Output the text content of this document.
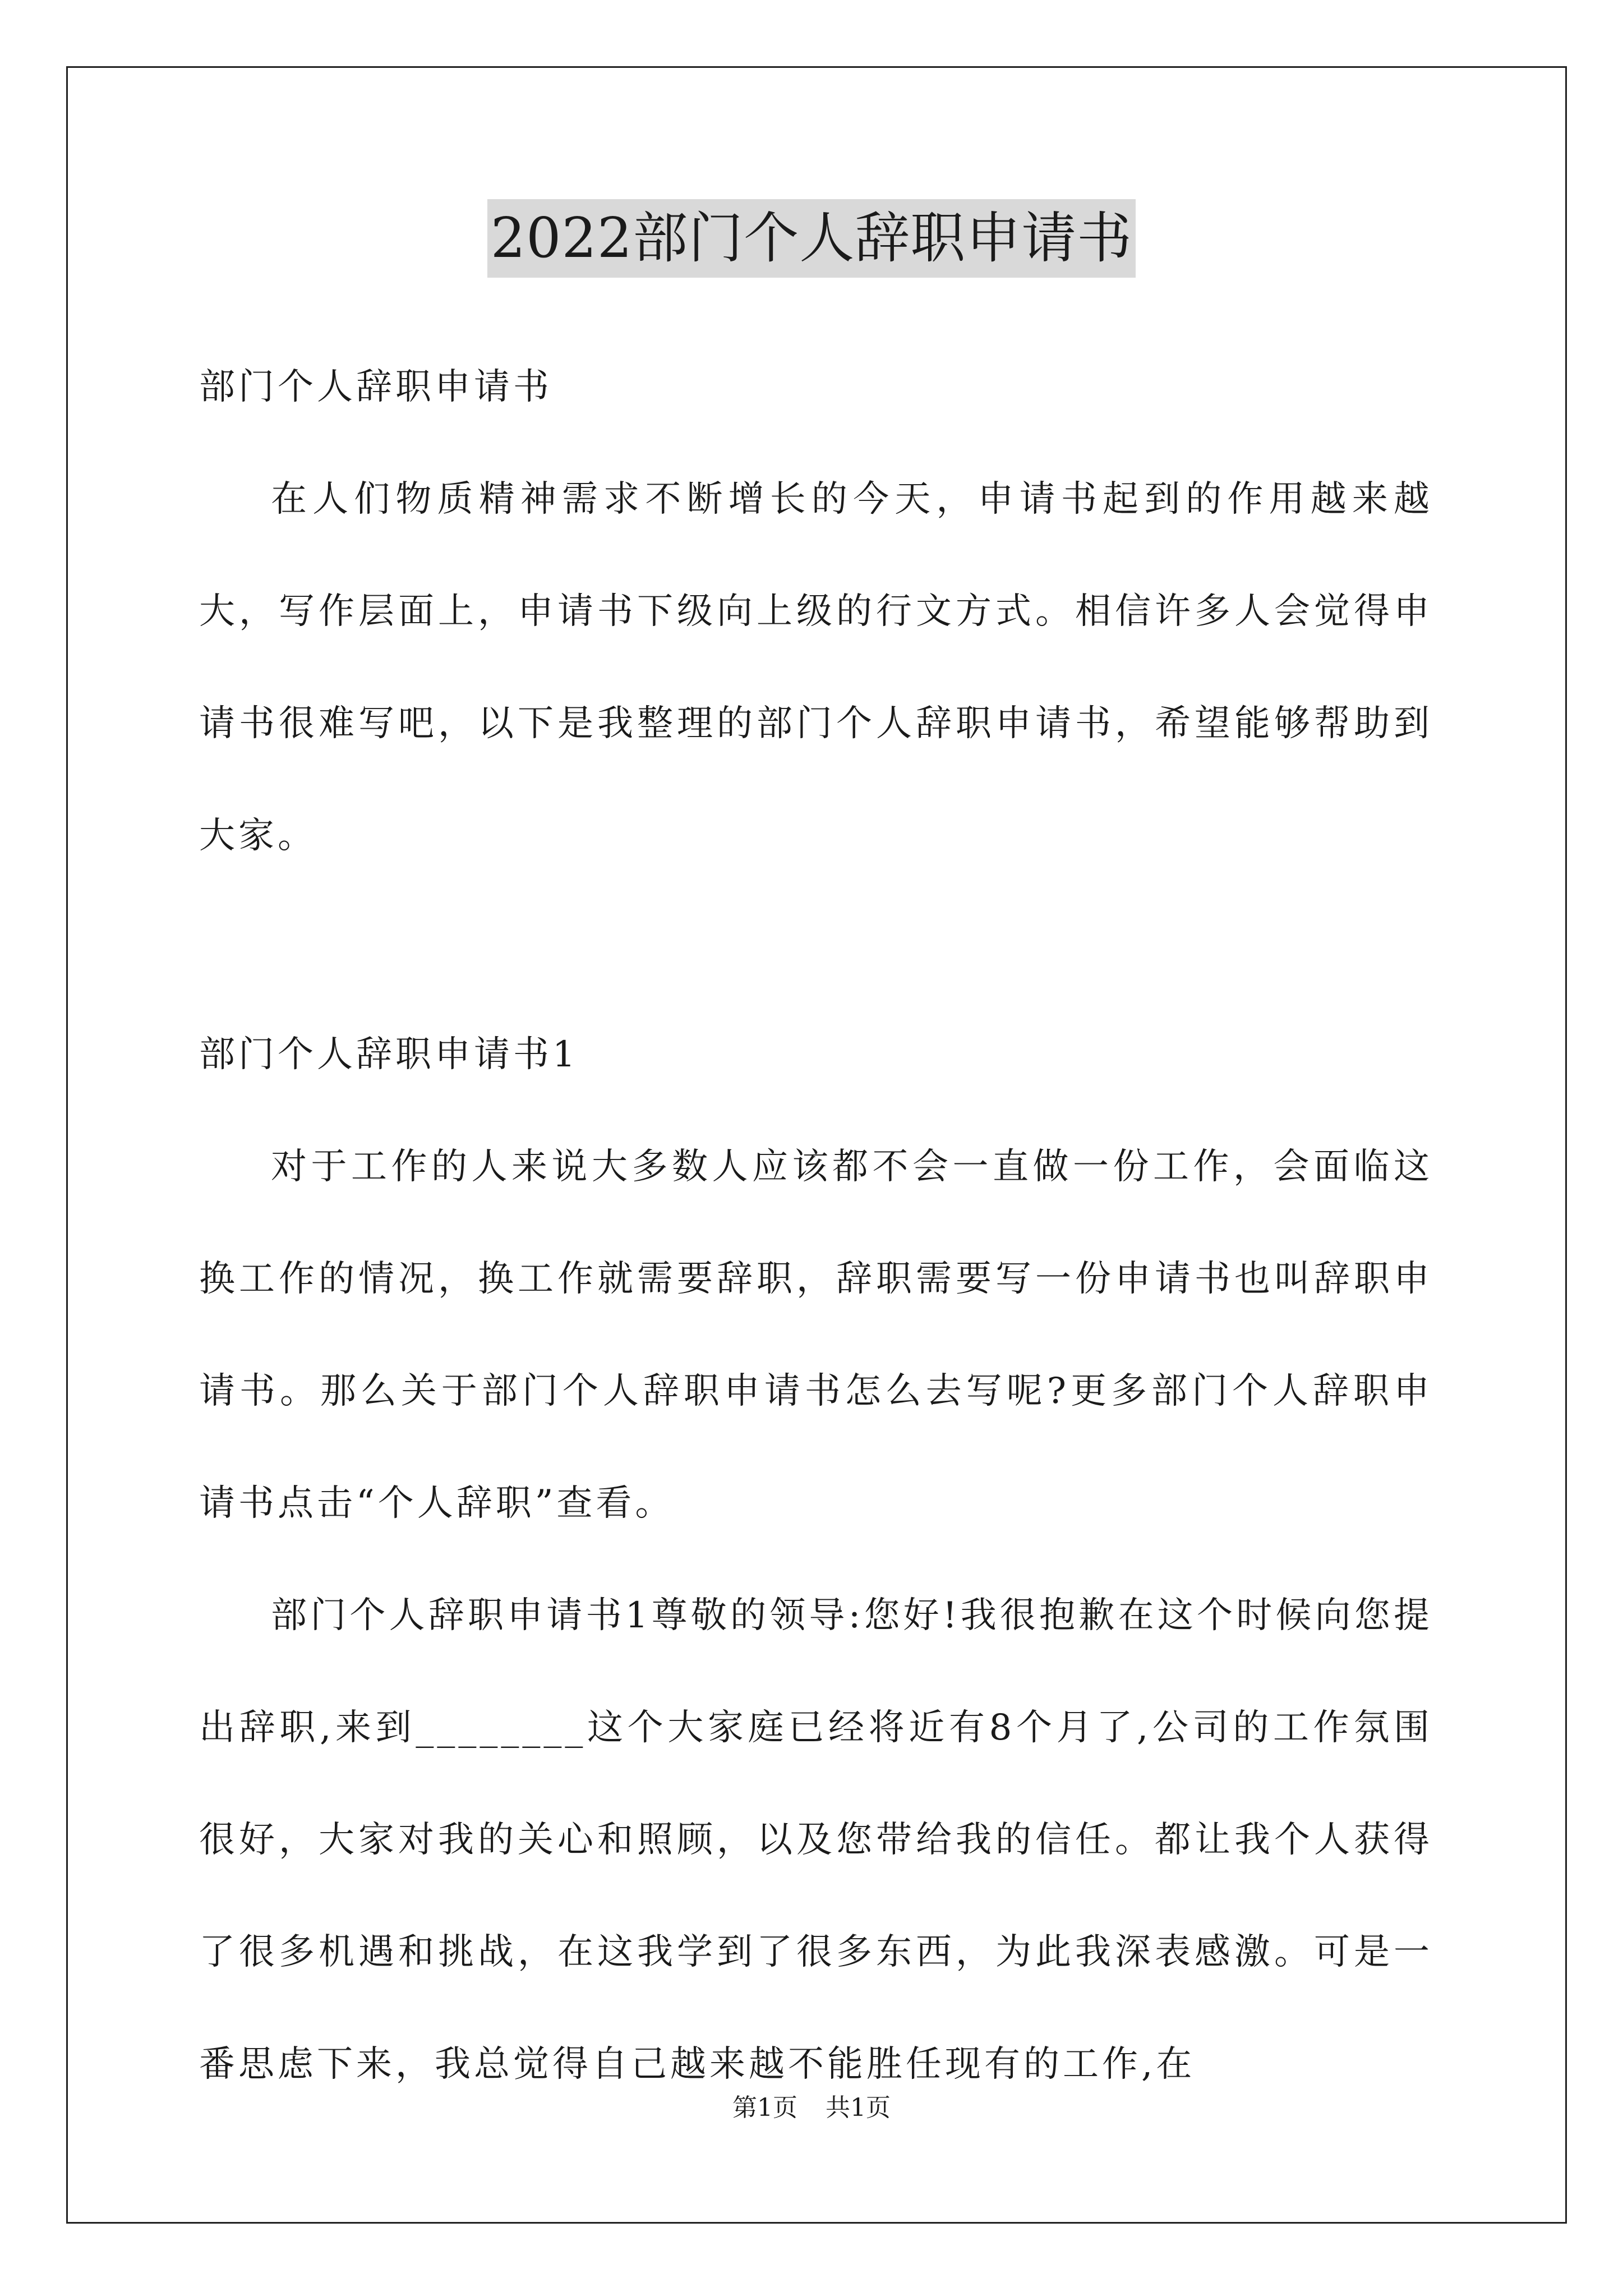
2022部门个人辞职申请书

部门个人辞职申请书

在人们物质精神需求不断增长的今天，申请书起到的作用越来越大，写作层面上，申请书下级向上级的行文方式。相信许多人会觉得申请书很难写吧，以下是我整理的部门个人辞职申请书，希望能够帮助到大家。

部门个人辞职申请书1

对于工作的人来说大多数人应该都不会一直做一份工作，会面临这换工作的情况，换工作就需要辞职，辞职需要写一份申请书也叫辞职申请书。那么关于部门个人辞职申请书怎么去写呢?更多部门个人辞职申请书点击“个人辞职”查看。

部门个人辞职申请书1尊敬的领导:您好!我很抱歉在这个时候向您提出辞职,来到________这个大家庭已经将近有8个月了,公司的工作氛围很好，大家对我的关心和照顾，以及您带给我的信任。都让我个人获得了很多机遇和挑战，在这我学到了很多东西，为此我深表感激。可是一番思虑下来，我总觉得自己越来越不能胜任现有的工作,在

第1页 共1页
